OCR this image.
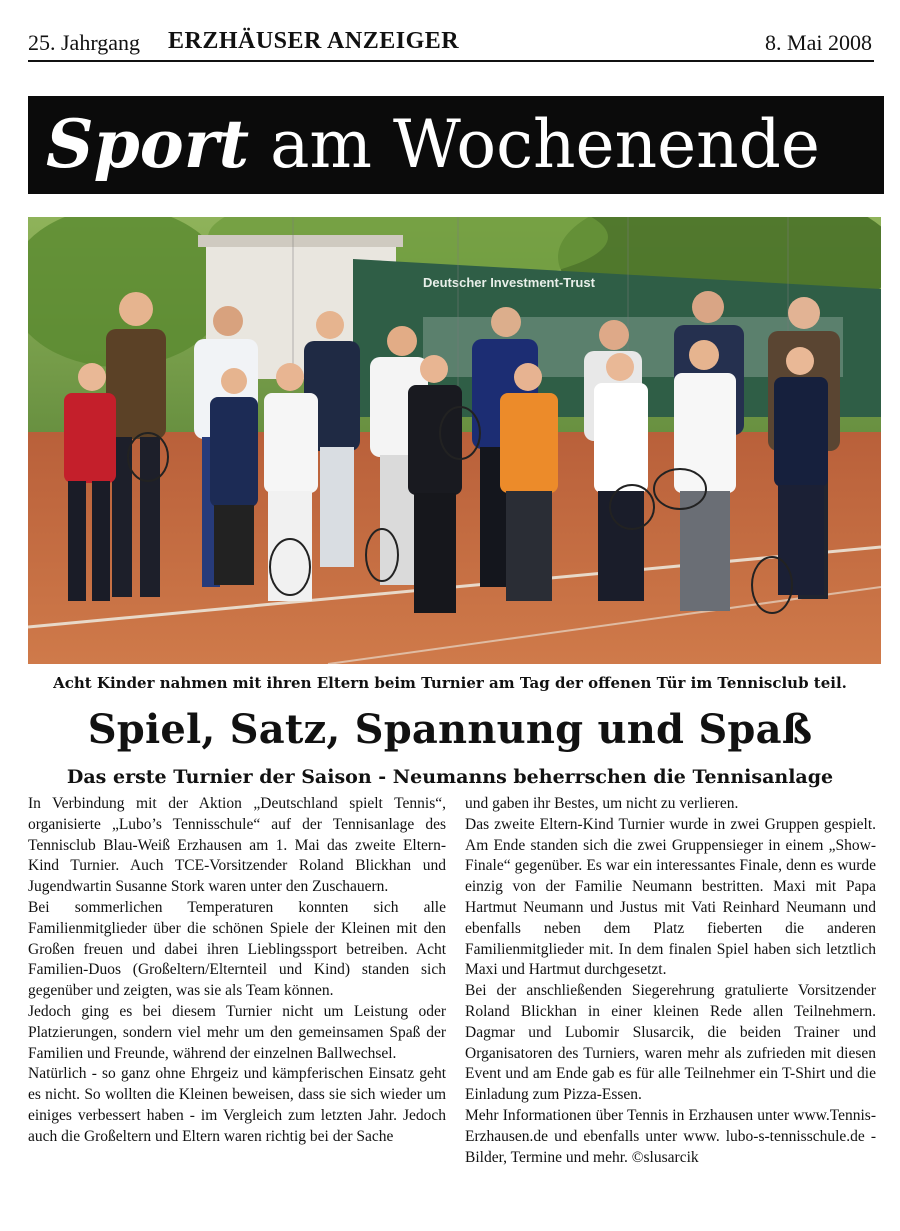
25. Jahrgang ERZHÄUSER ANZEIGER	8. Mai 2008
Sport am Wochenende
Deutscher Investment-Trust
Acht Kinder nahmen mit ihren Eltern beim Turnier am Tag der offenen Tür im Tennisclub teil.
Spiel, Satz, Spannung und Spaß
Das erste Turnier der Saison - Neumanns beherrschen die Tennisanlage

In Verbindung mit der Aktion „Deutschland spielt Tennis“, organisierte „Lubo’s Tennisschule“ auf der Tennisanlage des Tennisclub Blau-Weiß Erzhausen am 1. Mai das zweite Eltern-Kind Turnier. Auch TCE-Vorsitzender Roland Blickhan und Jugendwartin Susanne Stork waren unter den Zuschauern.

Bei sommerlichen Temperaturen konnten sich alle Familienmitglieder über die schönen Spiele der Kleinen mit den Großen freuen und dabei ihren Lieblingssport betreiben. Acht Familien-Duos (Großeltern/Elternteil und Kind) standen sich gegenüber und zeigten, was sie als Team können.

Jedoch ging es bei diesem Turnier nicht um Leistung oder Platzierungen, sondern viel mehr um den gemeinsamen Spaß der Familien und Freunde, während der einzelnen Ballwechsel.

Natürlich - so ganz ohne Ehrgeiz und kämpferischen Einsatz geht es nicht. So wollten die Kleinen beweisen, dass sie sich wieder um einiges verbessert haben - im Vergleich zum letzten Jahr. Jedoch auch die Großeltern und Eltern waren richtig bei der Sache

und gaben ihr Bestes, um nicht zu verlieren.

Das zweite Eltern-Kind Turnier wurde in zwei Gruppen gespielt. Am Ende standen sich die zwei Gruppensieger in einem „Show-Finale“ gegenüber. Es war ein interessantes Finale, denn es wurde einzig von der Familie Neumann bestritten. Maxi mit Papa Hartmut Neumann und Justus mit Vati Reinhard Neumann und ebenfalls neben dem Platz fieberten die anderen Familienmitglieder mit. In dem finalen Spiel haben sich letztlich Maxi und Hartmut durchgesetzt.

Bei der anschließenden Siegerehrung gratulierte Vorsitzender Roland Blickhan in einer kleinen Rede allen Teilnehmern. Dagmar und Lubomir Slusarcik, die beiden Trainer und Organisatoren des Turniers, waren mehr als zufrieden mit diesen Event und am Ende gab es für alle Teilnehmer ein T-Shirt und die Einladung zum Pizza-Essen.

Mehr Informationen über Tennis in Erzhausen unter www.Tennis-Erzhausen.de und ebenfalls unter www. lubo-s-tennisschule.de - Bilder, Termine und mehr. ©slusarcik
